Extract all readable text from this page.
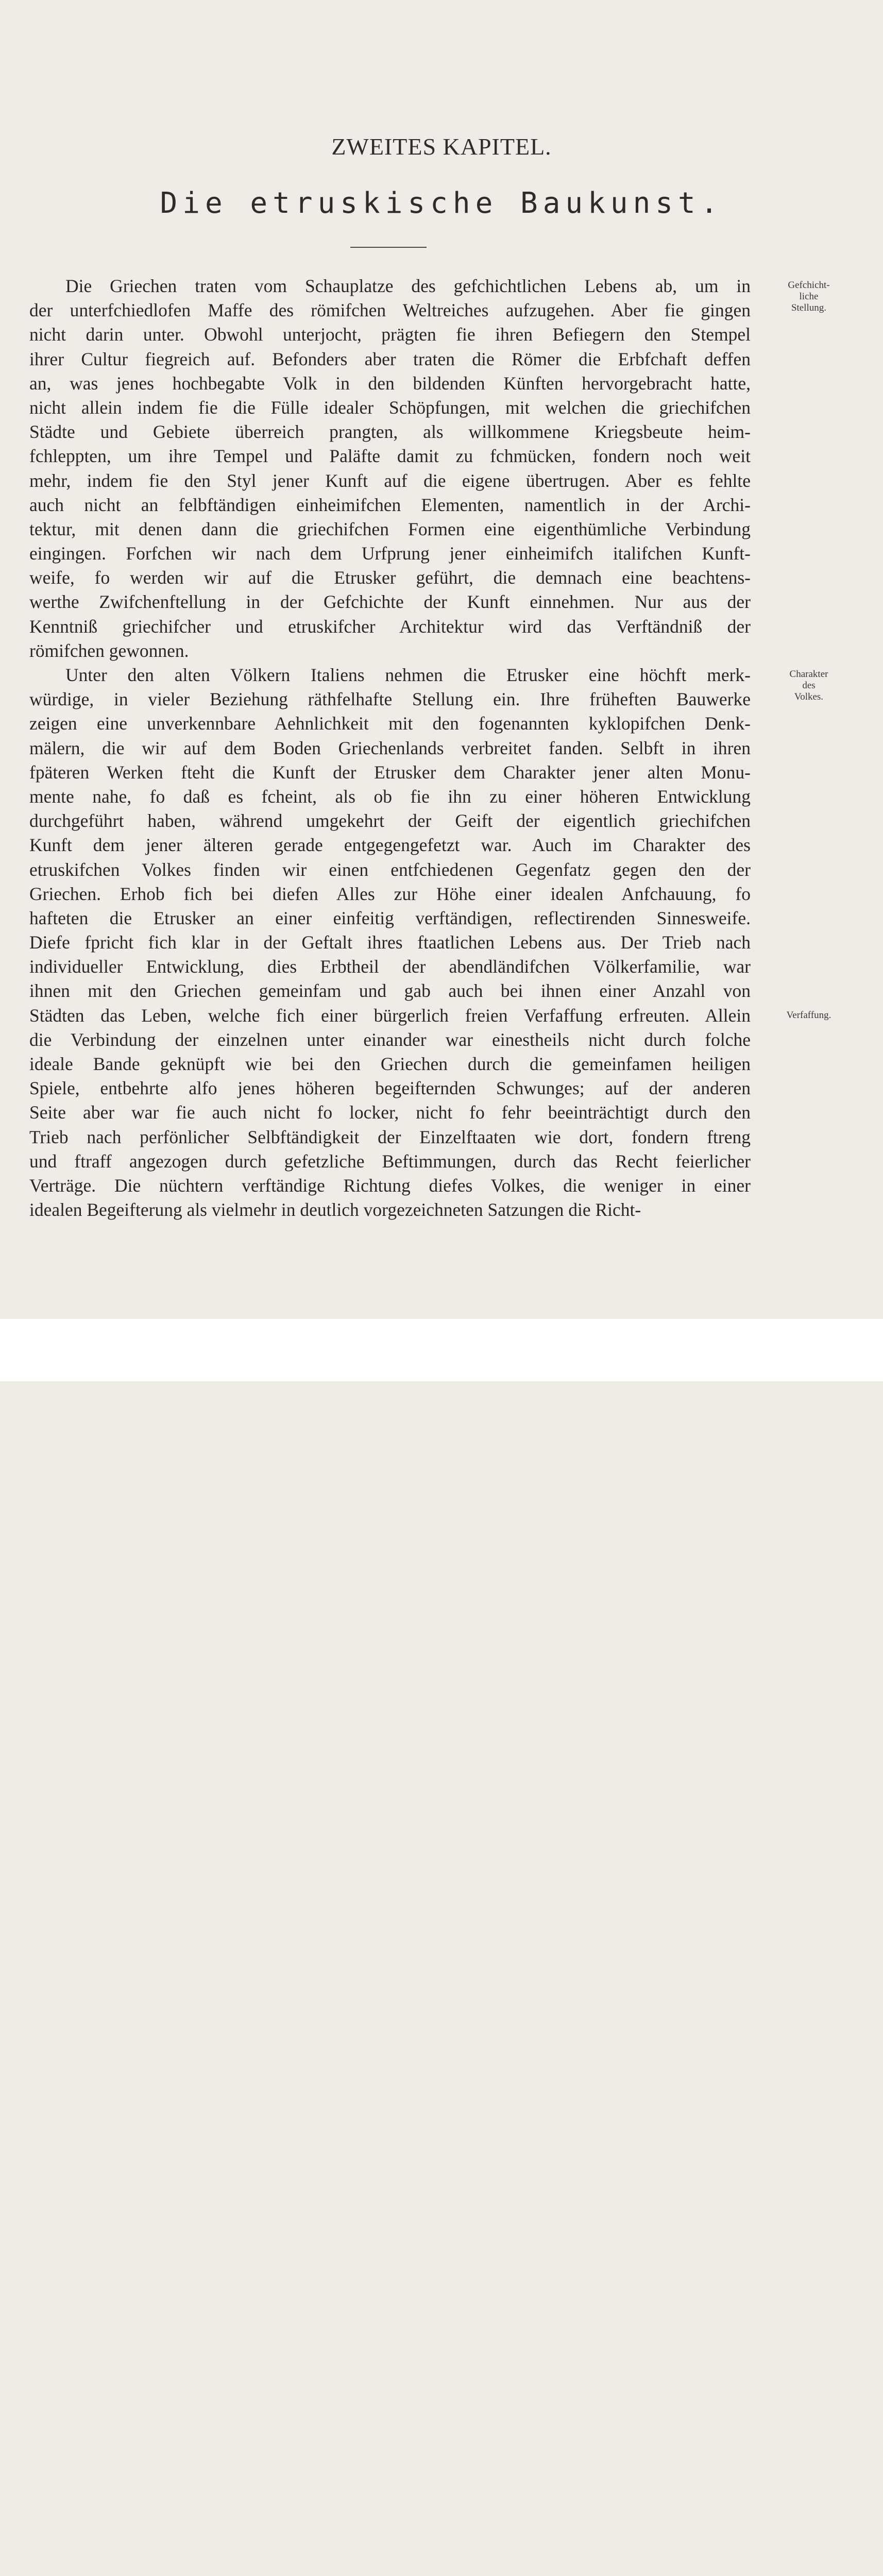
ZWEITES KAPITEL.
Die etruskische Baukunst.
Die Griechen traten vom Schauplatze des gefchichtlichen Lebens ab, um in
der unterfchiedlofen Maffe des römifchen Weltreiches aufzugehen. Aber fie gingen
nicht darin unter. Obwohl unterjocht, prägten fie ihren Befiegern den Stempel
ihrer Cultur fiegreich auf. Befonders aber traten die Römer die Erbfchaft deffen
an, was jenes hochbegabte Volk in den bildenden Künften hervorgebracht hatte,
nicht allein indem fie die Fülle idealer Schöpfungen, mit welchen die griechifchen
Städte und Gebiete überreich prangten, als willkommene Kriegsbeute heim-
fchleppten, um ihre Tempel und Paläfte damit zu fchmücken, fondern noch weit
mehr, indem fie den Styl jener Kunft auf die eigene übertrugen. Aber es fehlte
auch nicht an felbftändigen einheimifchen Elementen, namentlich in der Archi-
tektur, mit denen dann die griechifchen Formen eine eigenthümliche Verbindung
eingingen. Forfchen wir nach dem Urfprung jener einheimifch italifchen Kunft-
weife, fo werden wir auf die Etrusker geführt, die demnach eine beachtens-
werthe Zwifchenftellung in der Gefchichte der Kunft einnehmen. Nur aus der
Kenntniß griechifcher und etruskifcher Architektur wird das Verftändniß der
römifchen gewonnen.
Unter den alten Völkern Italiens nehmen die Etrusker eine höchft merk-
würdige, in vieler Beziehung räthfelhafte Stellung ein. Ihre früheften Bauwerke
zeigen eine unverkennbare Aehnlichkeit mit den fogenannten kyklopifchen Denk-
mälern, die wir auf dem Boden Griechenlands verbreitet fanden. Selbft in ihren
fpäteren Werken fteht die Kunft der Etrusker dem Charakter jener alten Monu-
mente nahe, fo daß es fcheint, als ob fie ihn zu einer höheren Entwicklung
durchgeführt haben, während umgekehrt der Geift der eigentlich griechifchen
Kunft dem jener älteren gerade entgegengefetzt war. Auch im Charakter des
etruskifchen Volkes finden wir einen entfchiedenen Gegenfatz gegen den der
Griechen. Erhob fich bei diefen Alles zur Höhe einer idealen Anfchauung, fo
hafteten die Etrusker an einer einfeitig verftändigen, reflectirenden Sinnesweife.
Diefe fpricht fich klar in der Geftalt ihres ftaatlichen Lebens aus. Der Trieb nach
individueller Entwicklung, dies Erbtheil der abendländifchen Völkerfamilie, war
ihnen mit den Griechen gemeinfam und gab auch bei ihnen einer Anzahl von
Städten das Leben, welche fich einer bürgerlich freien Verfaffung erfreuten. Allein
die Verbindung der einzelnen unter einander war einestheils nicht durch folche
ideale Bande geknüpft wie bei den Griechen durch die gemeinfamen heiligen
Spiele, entbehrte alfo jenes höheren begeifternden Schwunges; auf der anderen
Seite aber war fie auch nicht fo locker, nicht fo fehr beeinträchtigt durch den
Trieb nach perfönlicher Selbftändigkeit der Einzelftaaten wie dort, fondern ftreng
und ftraff angezogen durch gefetzliche Beftimmungen, durch das Recht feierlicher
Verträge. Die nüchtern verftändige Richtung diefes Volkes, die weniger in einer
idealen Begeifterung als vielmehr in deutlich vorgezeichneten Satzungen die Richt-
Gefchicht-
liche
Stellung.
Charakter
des
Volkes.
Verfaffung.
